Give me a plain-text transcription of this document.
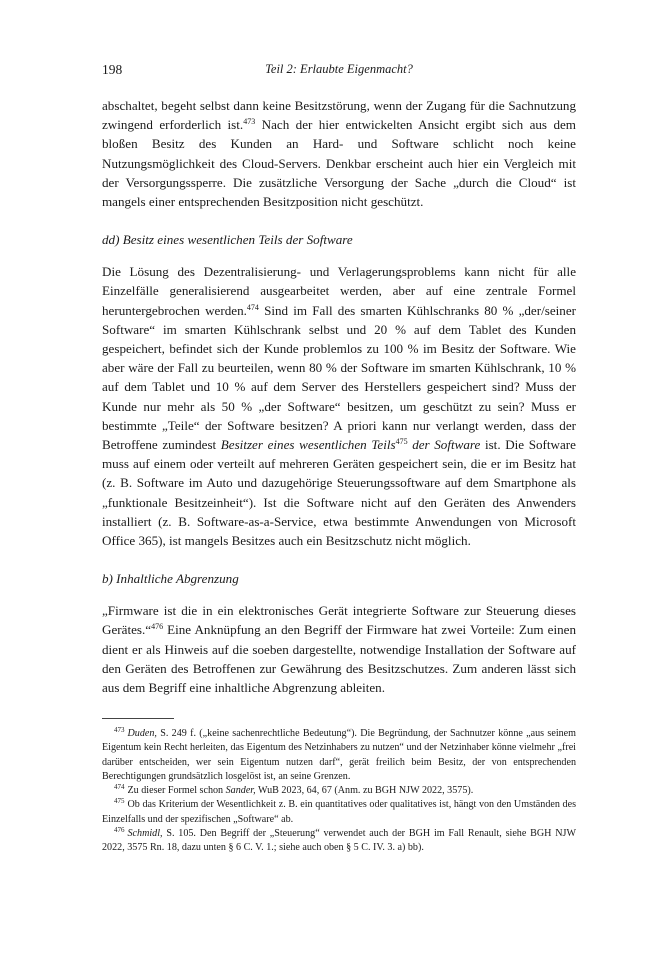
198	Teil 2: Erlaubte Eigenmacht?

abschaltet, begeht selbst dann keine Besitzstörung, wenn der Zugang für die Sachnutzung zwingend erforderlich ist.$^{473}$ Nach der hier entwickelten Ansicht ergibt sich aus dem bloßen Besitz des Kunden an Hard- und Software schlicht noch keine Nutzungsmöglichkeit des Cloud-Servers. Denkbar erscheint auch hier ein Vergleich mit der Versorgungssperre. Die zusätzliche Versorgung der Sache „durch die Cloud“ ist mangels einer entsprechenden Besitzposition nicht geschützt.

dd) Besitz eines wesentlichen Teils der Software

Die Lösung des Dezentralisierung- und Verlagerungsproblems kann nicht für alle Einzelfälle generalisierend ausgearbeitet werden, aber auf eine zentrale Formel heruntergebrochen werden.$^{474}$ Sind im Fall des smarten Kühlschranks 80 % „der/seiner Software“ im smarten Kühlschrank selbst und 20 % auf dem Tablet des Kunden gespeichert, befindet sich der Kunde problemlos zu 100 % im Besitz der Software. Wie aber wäre der Fall zu beurteilen, wenn 80 % der Software im smarten Kühlschrank, 10 % auf dem Tablet und 10 % auf dem Server des Herstellers gespeichert sind? Muss der Kunde nur mehr als 50 % „der Software“ besitzen, um geschützt zu sein? Muss er bestimmte „Teile“ der Software besitzen? A priori kann nur verlangt werden, dass der Betroffene zumindest Besitzer eines wesentlichen Teils$^{475}$ der Software ist. Die Software muss auf einem oder verteilt auf mehreren Geräten gespeichert sein, die er im Besitz hat (z. B. Software im Auto und dazugehörige Steuerungssoftware auf dem Smartphone als „funktionale Besitzeinheit“). Ist die Software nicht auf den Geräten des Anwenders installiert (z. B. Software-as-a-Service, etwa bestimmte Anwendungen von Microsoft Office 365), ist mangels Besitzes auch ein Besitzschutz nicht möglich.

b) Inhaltliche Abgrenzung

„Firmware ist die in ein elektronisches Gerät integrierte Software zur Steuerung dieses Gerätes.“$^{476}$ Eine Anknüpfung an den Begriff der Firmware hat zwei Vorteile: Zum einen dient er als Hinweis auf die soeben dargestellte, notwendige Installation der Software auf den Geräten des Betroffenen zur Gewährung des Besitzschutzes. Zum anderen lässt sich aus dem Begriff eine inhaltliche Abgrenzung ableiten.

$^{473}$ Duden, S. 249 f. („keine sachenrechtliche Bedeutung“). Die Begründung, der Sachnutzer könne „aus seinem Eigentum kein Recht herleiten, das Eigentum des Netzinhabers zu nutzen“ und der Netzinhaber könne vielmehr „frei darüber entscheiden, wer sein Eigentum nutzen darf“, gerät freilich beim Besitz, der von entsprechenden Berechtigungen grundsätzlich losgelöst ist, an seine Grenzen.

$^{474}$ Zu dieser Formel schon Sander, WuB 2023, 64, 67 (Anm. zu BGH NJW 2022, 3575).

$^{475}$ Ob das Kriterium der Wesentlichkeit z. B. ein quantitatives oder qualitatives ist, hängt von den Umständen des Einzelfalls und der spezifischen „Software“ ab.

$^{476}$ Schmidl, S. 105. Den Begriff der „Steuerung“ verwendet auch der BGH im Fall Renault, siehe BGH NJW 2022, 3575 Rn. 18, dazu unten § 6 C. V. 1.; siehe auch oben § 5 C. IV. 3. a) bb).
